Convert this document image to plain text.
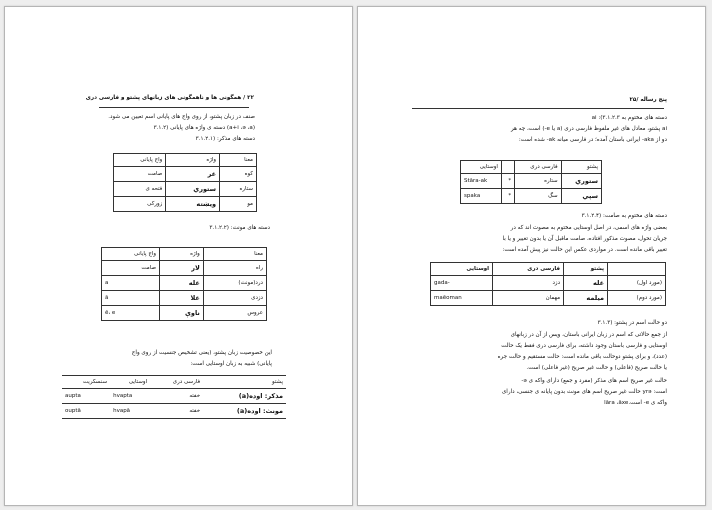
۲۲ / همگونی ها و ناهمگونی های زبانهای پشتو و فارسی دری
صنف در زبان پشتو، از روی واج های پایانی اسم تعیین می شود.
(a+i ،ə ،a) دسته ی واژه های پایانی (۳.۱.۲
دسته های مذکر: (۳.۱.۲.۱
معنا	واژه	واج پایانی
کوه	غر	صامت
ستاره	ستوري	فتحه ی
مو	ويښته	زورکی
دسته های مونث: (۳.۱.۲.۲
معنا	واژه	واج پایانی
راه	لار	صامت
درد(مونث)	غله	a
دزدی	غلا	ā
عروس	ناوې	ē، e
این خصوصیت زبان پشتو، (یعنی تشخیص جنسیت از روی واج
پایانی) شبیه به زبان اوستایی است:
پشتو	فارسی دری	اوستایی	سنسکریت
مذکر: اوده(a)	خفته	hvapta	aupta
مونث: اوده(a)	خفته	hvapā	ouptā
پنج رساله /۲۵
دسته های مختوم به ai :(۳.۱.۲.۳
ai پشتو، معادل های غیر ملفوظ فارسی دری (a یا e-) است، چه هر
دو از aka- ایرانی باستان آمده؛ در فارسی میانه ak- شده است:
پشتو	فارسی دری		اوستایی
ستوري	ستاره	*	Stāra-ak
سپي	سگ	*	spaka
دسته های مختوم به صامت: (۳.۱.۲.۴
بعضی واژه های اسمی، در اصل اوستایی مختوم به مصوت اند که در
جریان تحول، مصوت مذکور افتاده، صامت ماقبل آن یا بدون تغییر و یا با
تغییر باقی مانده است. در مواردی عکس این حالت نیز پیش آمده است:
	پشتو	فارسی دری	اوستایی
(مورد اول)	غله	دزد	gada-
(مورد دوم)	ميلمه	مهمان	maēoman
دو حالت اسم در پشتو: (۳.۱.۳
از جمع حالاتی که اسم در زبان ایرانی باستان، ویس از آن در زبانهای
اوستایی و فارسی باستان وجود داشته، برای فارسی دری فقط یک حالت
(عدد)، و برای پشتو دوحالت باقی مانده است: حالت مستقیم و حالت جره
یا حالت صریح (فاعلی) و حالت غیر صریح (غیر فاعلی) است.
حالت غیر صریح اسم های مذکر (مفرد و جمع) دارای واکه ی ə-
است: yrə حالت غیر صریح اسم های مونث بدون پایانه ی جنسی، دارای
واکه ی e- است.lāra ،āxe
